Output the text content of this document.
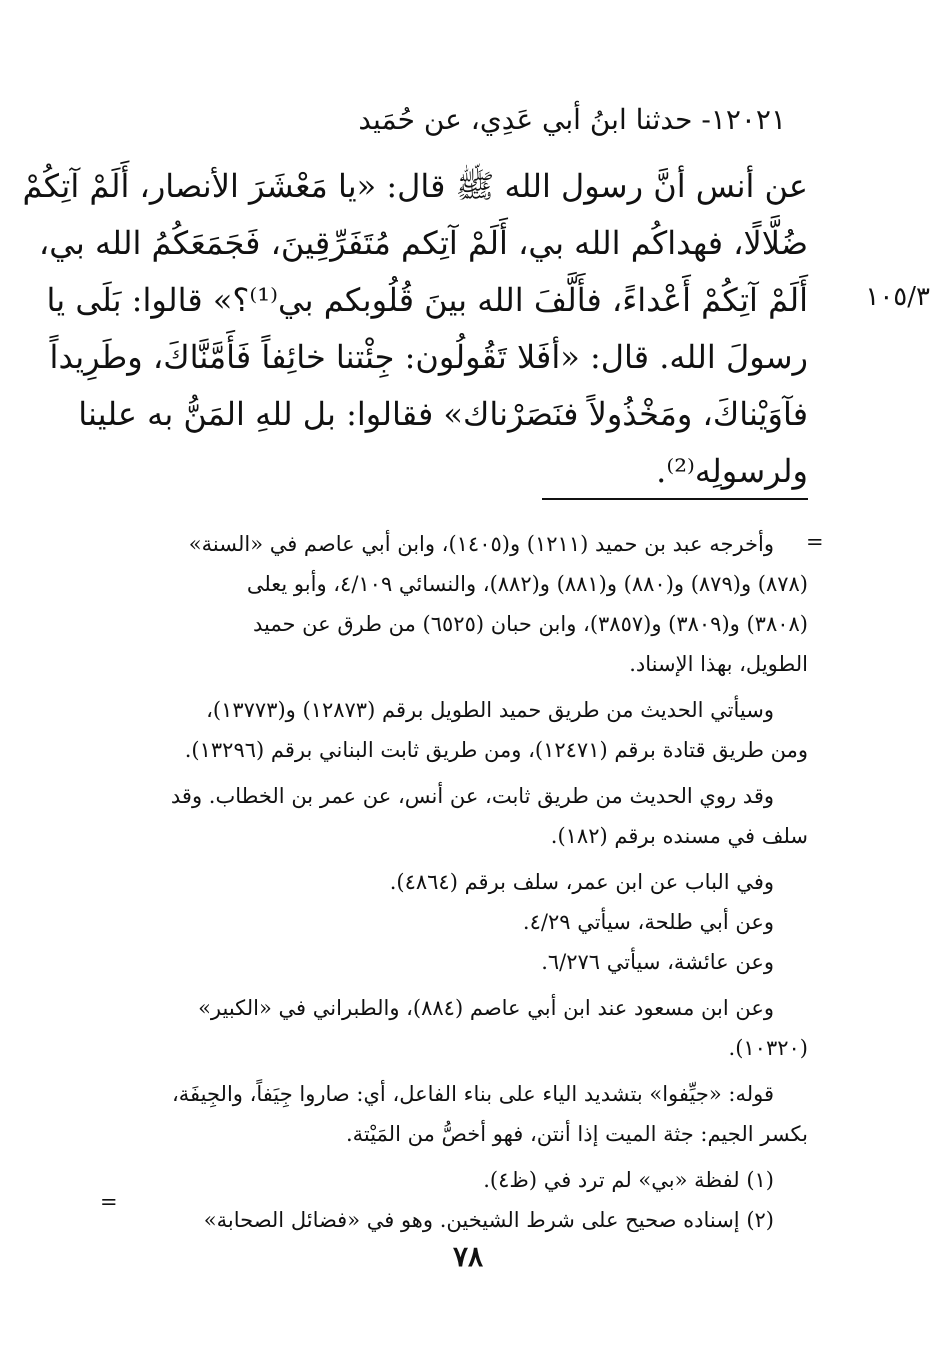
١٢٠٢١- حدثنا ابنُ أبي عَدِي، عن حُمَيد
عن أنس أنَّ رسول الله ﷺ قال: «يا مَعْشَرَ الأنصار، أَلَمْ آتِكُمْ
ضُلَّالًا، فهداكُم الله بي، أَلَمْ آتِكم مُتَفَرِّقِينَ، فَجَمَعَكُمُ الله بي،
أَلَمْ آتِكُمْ أَعْداءً، فأَلَّفَ الله بينَ قُلُوبكم بي⁽¹⁾؟» قالوا: بَلَى يا
رسولَ الله. قال: «أفَلا تَقُولُون: جِئْتنا خائِفاً فَأَمَّنَّاكَ، وطَرِيداً
فآوَيْناكَ، ومَخْذُولاً فنَصَرْناك» فقالوا: بل للهِ المَنُّ به علينا
ولرسولِه⁽²⁾.
١٠٥/٣
=

وأخرجه عبد بن حميد (١٢١١) و(١٤٠٥)، وابن أبي عاصم في «السنة»
(٨٧٨) و(٨٧٩) و(٨٨٠) و(٨٨١) و(٨٨٢)، والنسائي ٤/١٠٩، وأبو يعلى
(٣٨٠٨) و(٣٨٠٩) و(٣٨٥٧)، وابن حبان (٦٥٢٥) من طرق عن حميد
الطويل، بهذا الإسناد.

وسيأتي الحديث من طريق حميد الطويل برقم (١٢٨٧٣) و(١٣٧٧٣)،
ومن طريق قتادة برقم (١٢٤٧١)، ومن طريق ثابت البناني برقم (١٣٢٩٦).

وقد روي الحديث من طريق ثابت، عن أنس، عن عمر بن الخطاب. وقد
سلف في مسنده برقم (١٨٢).

وفي الباب عن ابن عمر، سلف برقم (٤٨٦٤).

وعن أبي طلحة، سيأتي ٤/٢٩.

وعن عائشة، سيأتي ٦/٢٧٦.

وعن ابن مسعود عند ابن أبي عاصم (٨٨٤)، والطبراني في «الكبير»
(١٠٣٢٠).

قوله: «جيِّفوا» بتشديد الياء على بناء الفاعل، أي: صاروا جِيَفاً، والجِيفَة،
بكسر الجيم: جثة الميت إذا أنتن، فهو أخصُّ من المَيْتة.

(١) لفظة «بي» لم ترد في (ظ٤).

(٢) إسناده صحيح على شرط الشيخين. وهو في «فضائل الصحابة»

=
٧٨
